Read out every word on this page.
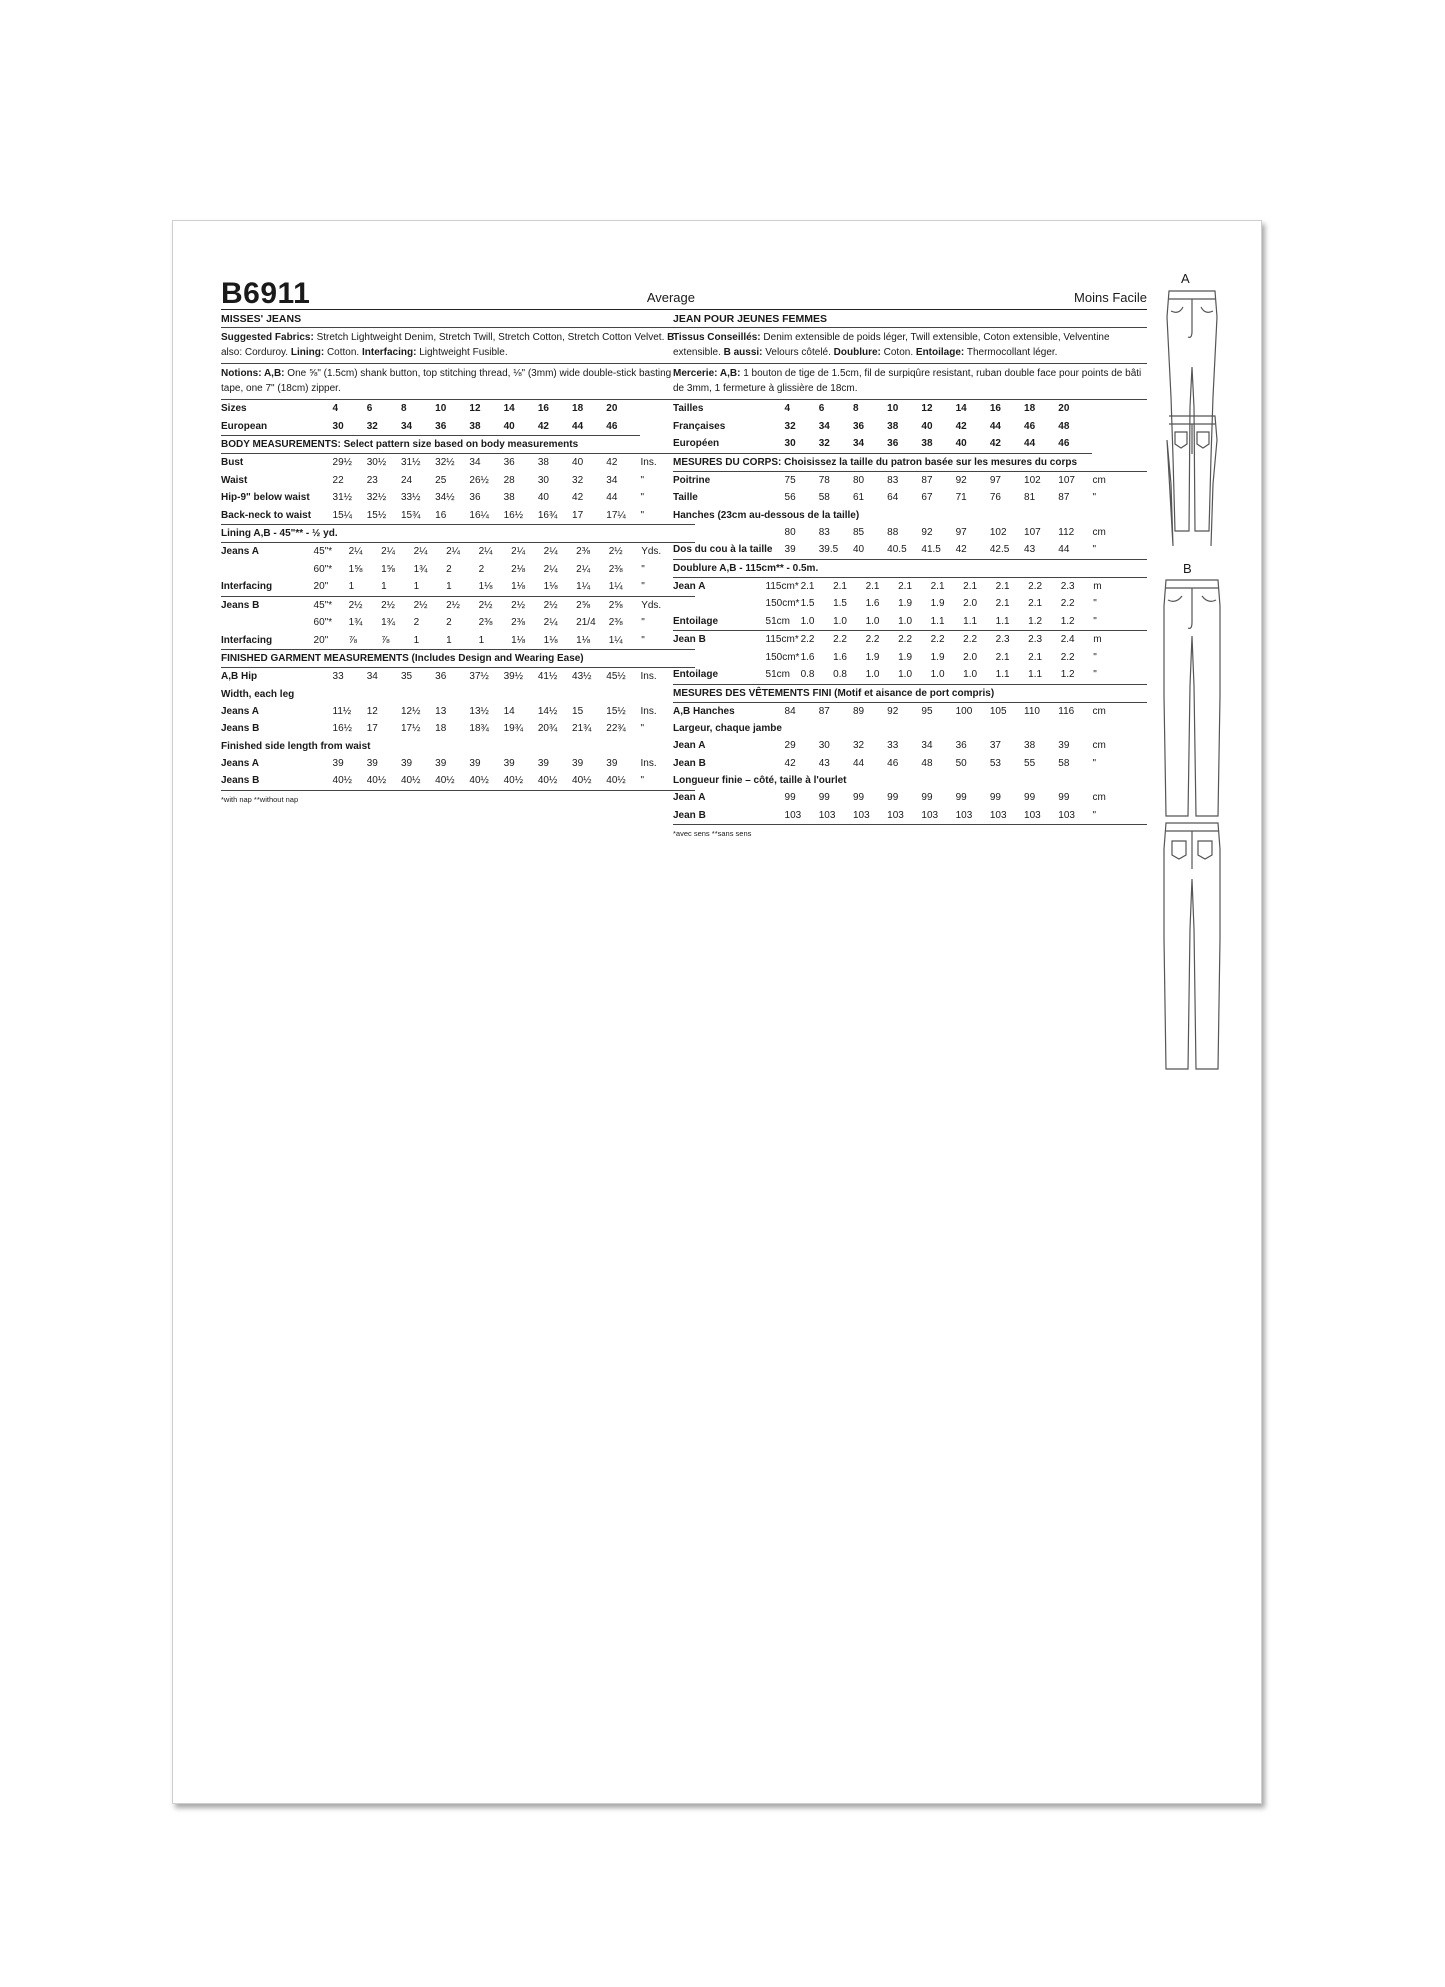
B6911	Average
MISSES' JEANS
Suggested Fabrics: Stretch Lightweight Denim, Stretch Twill, Stretch Cotton, Stretch Cotton Velvet. B also: Corduroy. Lining: Cotton. Interfacing: Lightweight Fusible.
Notions: A,B: One ⅝" (1.5cm) shank button, top stitching thread, ⅛" (3mm) wide double-stick basting tape, one 7" (18cm) zipper.
Sizes	4	6	8	10	12	14	16	18	20
European	30	32	34	36	38	40	42	44	46
BODY MEASUREMENTS: Select pattern size based on body measurements
Bust	29½	30½	31½	32½	34	36	38	40	42	Ins.
Waist	22	23	24	25	26½	28	30	32	34	"
Hip-9" below waist	31½	32½	33½	34½	36	38	40	42	44	"
Back-neck to waist	15¼	15½	15¾	16	16¼	16½	16¾	17	17¼	"
Lining A,B - 45"** - ½ yd.
Jeans A	45"*	2¼	2¼	2¼	2¼	2¼	2¼	2¼	2⅜	2½	Yds.
	60"*	1⅝	1⅝	1¾	2	2	2⅛	2¼	2¼	2⅜	"
Interfacing	20"	1	1	1	1	1⅛	1⅛	1⅛	1¼	1¼	"
Jeans B	45"*	2½	2½	2½	2½	2½	2½	2½	2⅝	2⅝	Yds.
	60"*	1¾	1¾	2	2	2⅜	2⅜	2¼	21/4	2⅜	"
Interfacing	20"	⅞	⅞	1	1	1	1⅛	1⅛	1⅛	1¼	"
FINISHED GARMENT MEASUREMENTS (Includes Design and Wearing Ease)
A,B Hip	33	34	35	36	37½	39½	41½	43½	45½	Ins.
Width, each leg
Jeans A	11½	12	12½	13	13½	14	14½	15	15½	Ins.
Jeans B	16½	17	17½	18	18¾	19¾	20¾	21¾	22¾	"
Finished side length from waist
Jeans A	39	39	39	39	39	39	39	39	39	Ins.
Jeans B	40½	40½	40½	40½	40½	40½	40½	40½	40½	"
*with nap **without nap
Moins Facile
JEAN POUR JEUNES FEMMES
Tissus Conseillés: Denim extensible de poids léger, Twill extensible, Coton extensible, Velventine extensible. B aussi: Velours côtelé. Doublure: Coton. Entoilage: Thermocollant léger.
Mercerie: A,B: 1 bouton de tige de 1.5cm, fil de surpiqûre resistant, ruban double face pour points de bâti de 3mm, 1 fermeture à glissière de 18cm.
Tailles	4	6	8	10	12	14	16	18	20
Françaises	32	34	36	38	40	42	44	46	48
Européen	30	32	34	36	38	40	42	44	46
MESURES DU CORPS: Choisissez la taille du patron basée sur les mesures du corps
Poitrine	75	78	80	83	87	92	97	102	107	cm
Taille	56	58	61	64	67	71	76	81	87	"
Hanches (23cm au-dessous de la taille)
	80	83	85	88	92	97	102	107	112	cm
Dos du cou à la taille	39	39.5	40	40.5	41.5	42	42.5	43	44	"
Doublure A,B - 115cm** - 0.5m.
Jean A	115cm*	2.1	2.1	2.1	2.1	2.1	2.1	2.1	2.2	2.3	m
	150cm*	1.5	1.5	1.6	1.9	1.9	2.0	2.1	2.1	2.2	"
Entoilage	51cm	1.0	1.0	1.0	1.0	1.1	1.1	1.1	1.2	1.2	"
Jean B	115cm*	2.2	2.2	2.2	2.2	2.2	2.2	2.3	2.3	2.4	m
	150cm*	1.6	1.6	1.9	1.9	1.9	2.0	2.1	2.1	2.2	"
Entoilage	51cm	0.8	0.8	1.0	1.0	1.0	1.0	1.1	1.1	1.2	"
MESURES DES VÊTEMENTS FINI (Motif et aisance de port compris)
A,B Hanches	84	87	89	92	95	100	105	110	116	cm
Largeur, chaque jambe
Jean A	29	30	32	33	34	36	37	38	39	cm
Jean B	42	43	44	46	48	50	53	55	58	"
Longueur finie – côté, taille à l'ourlet
Jean A	99	99	99	99	99	99	99	99	99	cm
Jean B	103	103	103	103	103	103	103	103	103	"
*avec sens **sans sens
A
B
